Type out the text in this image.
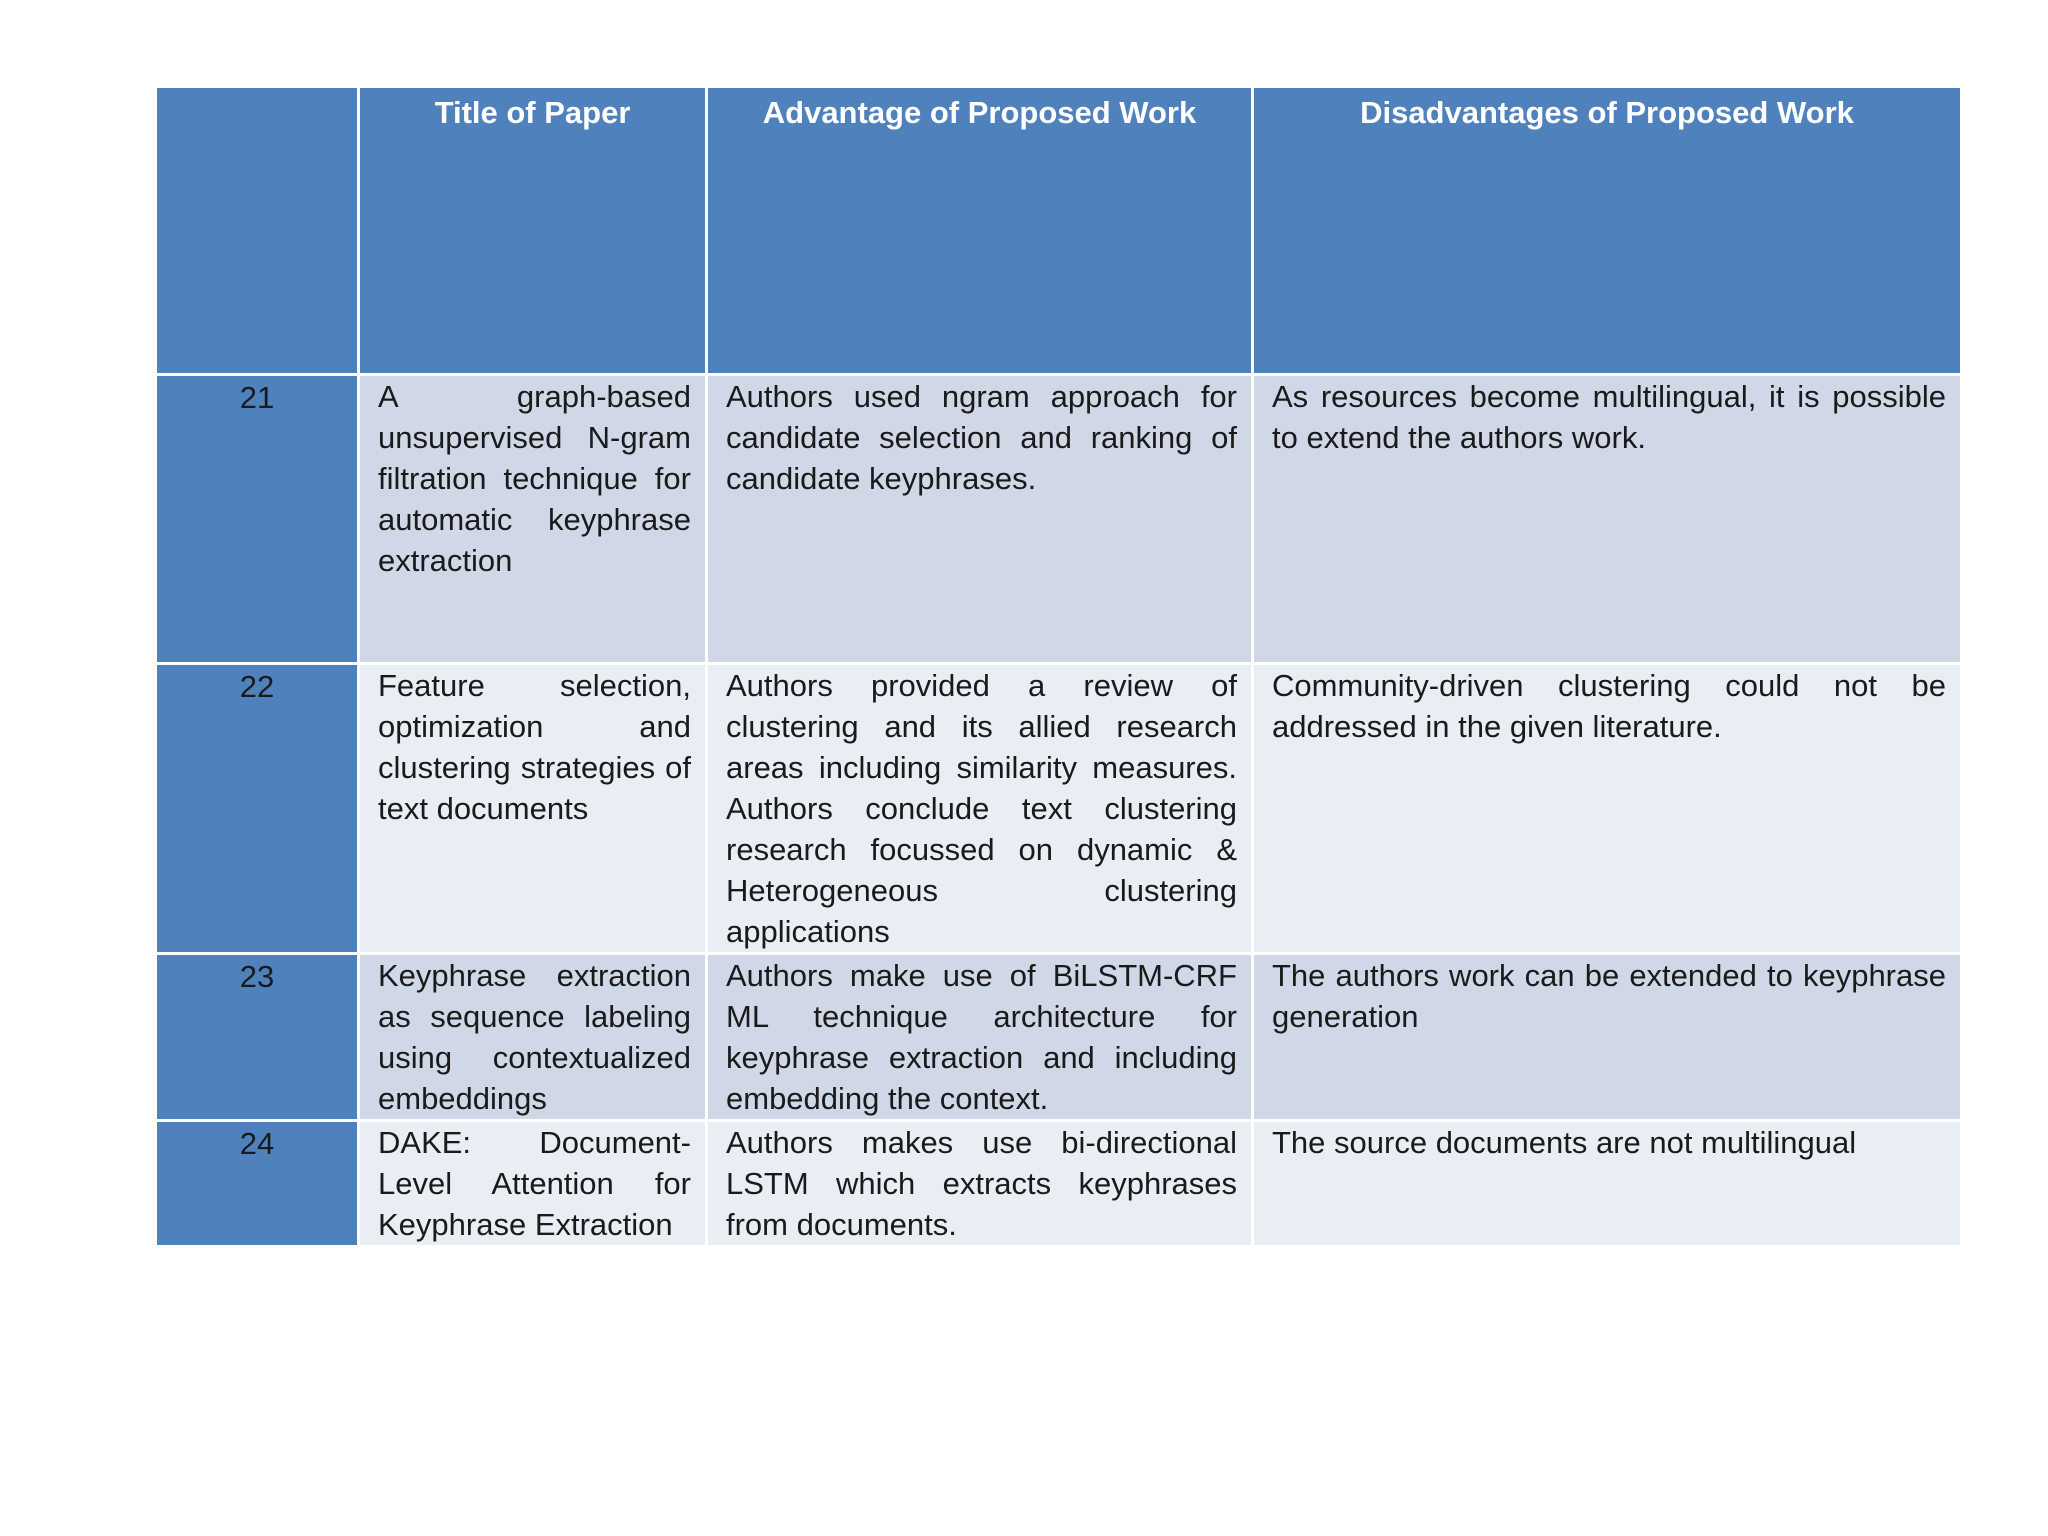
	Title of Paper	Advantage of Proposed Work	Disadvantages of Proposed Work
21	A graph-based unsupervised N-gram filtration technique for automatic keyphrase extraction	Authors used ngram approach for candidate selection and ranking of candidate keyphrases.	As resources become multilingual, it is possible to extend the authors work.
22	Feature selection, optimization and clustering strategies of text documents	Authors provided a review of clustering and its allied research areas including similarity measures. Authors conclude text clustering research focussed on dynamic & Heterogeneous clustering applications	Community-driven clustering could not be addressed in the given literature.
23	Keyphrase extraction as sequence labeling using contextualized embeddings	Authors make use of BiLSTM-CRF ML technique architecture for keyphrase extraction and including embedding the context.	The authors work can be extended to keyphrase generation
24	DAKE: Document-Level Attention for Keyphrase Extraction	Authors makes use bi-directional LSTM which extracts keyphrases from documents.	The source documents are not multilingual
